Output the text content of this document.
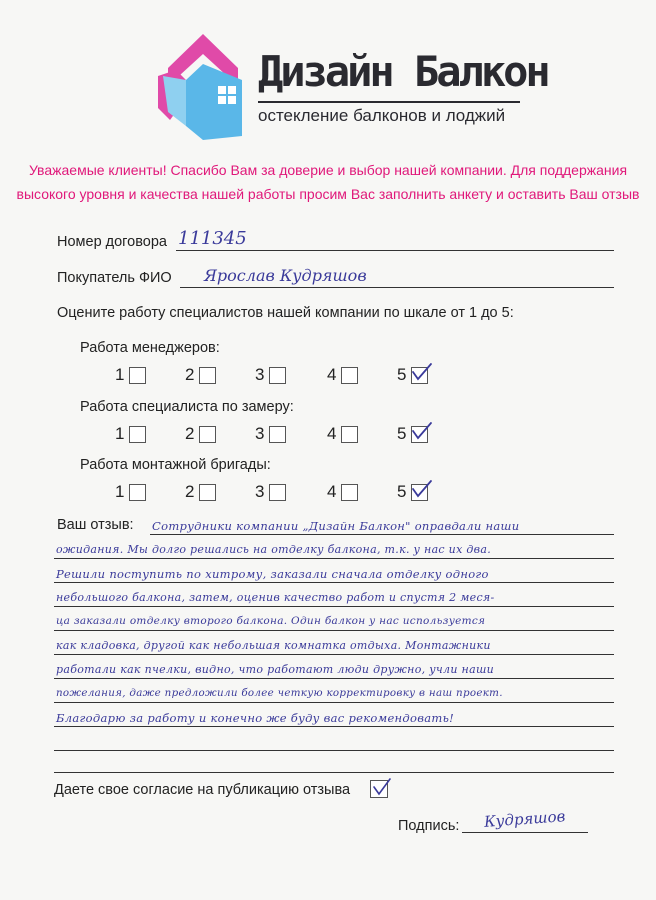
Дизайн Балкон
остекление балконов и лоджий
Уважаемые клиенты! Спасибо Вам за доверие и выбор нашей компании. Для поддержания
высокого уровня и качества нашей работы просим Вас заполнить анкету и оставить Ваш отзыв
Номер договора 111345
Покупатель ФИО Ярослав Кудряшов
Оцените работу специалистов нашей компании по шкале от 1 до 5:
Работа менеджеров:
1	2	3	4	5
Работа специалиста по замеру:
1	2	3	4	5
Работа монтажной бригады:
1	2	3	4	5
Ваш отзыв: Сотрудники компании „Дизайн Балкон" оправдали наши
ожидания. Мы долго решались на отделку балкона, т.к. у нас их два.
Решили поступить по хитрому, заказали сначала отделку одного
небольшого балкона, затем, оценив качество работ и спустя 2 меся-
ца заказали отделку второго балкона. Один балкон у нас используется
как кладовка, другой как небольшая комнатка отдыха. Монтажники
работали как пчелки, видно, что работают люди дружно, учли наши
пожелания, даже предложили более четкую корректировку в наш проект.
Благодарю за работу и конечно же буду вас рекомендовать!
Даете свое согласие на публикацию отзыва
Подпись: Кудряшов
